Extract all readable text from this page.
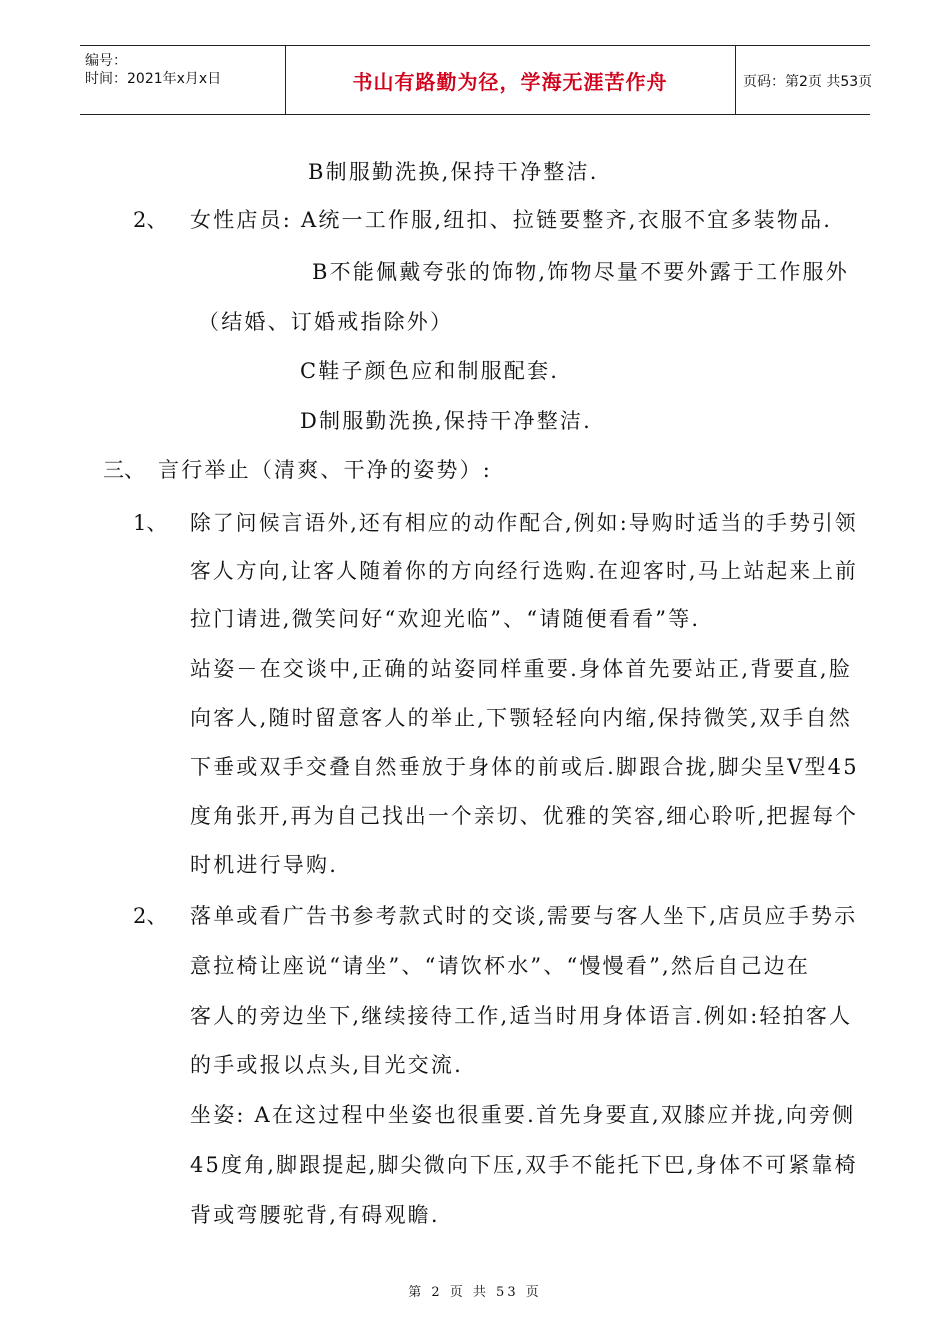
编号：
时间：2021年x月x日	书山有路勤为径，学海无涯苦作舟	页码：第2页 共53页
B制服勤洗换,保持干净整洁.
2、 女性店员: A统一工作服,纽扣、拉链要整齐,衣服不宜多装物品.
B不能佩戴夸张的饰物,饰物尽量不要外露于工作服外
（结婚、订婚戒指除外）
C鞋子颜色应和制服配套.
D制服勤洗换,保持干净整洁.
三、 言行举止（清爽、干净的姿势）:
1、 除了问候言语外,还有相应的动作配合,例如:导购时适当的手势引领
客人方向,让客人随着你的方向经行选购.在迎客时,马上站起来上前
拉门请进,微笑问好“欢迎光临”、“请随便看看”等.
站姿－在交谈中,正确的站姿同样重要.身体首先要站正,背要直,脸
向客人,随时留意客人的举止,下颚轻轻向内缩,保持微笑,双手自然
下垂或双手交叠自然垂放于身体的前或后.脚跟合拢,脚尖呈V型45
度角张开,再为自己找出一个亲切、优雅的笑容,细心聆听,把握每个
时机进行导购.
2、 落单或看广告书参考款式时的交谈,需要与客人坐下,店员应手势示
意拉椅让座说“请坐”、“请饮杯水”、“慢慢看”,然后自己边在
客人的旁边坐下,继续接待工作,适当时用身体语言.例如:轻拍客人
的手或报以点头,目光交流.
坐姿: A在这过程中坐姿也很重要.首先身要直,双膝应并拢,向旁侧
45度角,脚跟提起,脚尖微向下压,双手不能托下巴,身体不可紧靠椅
背或弯腰驼背,有碍观瞻.
第 2 页 共 53 页
